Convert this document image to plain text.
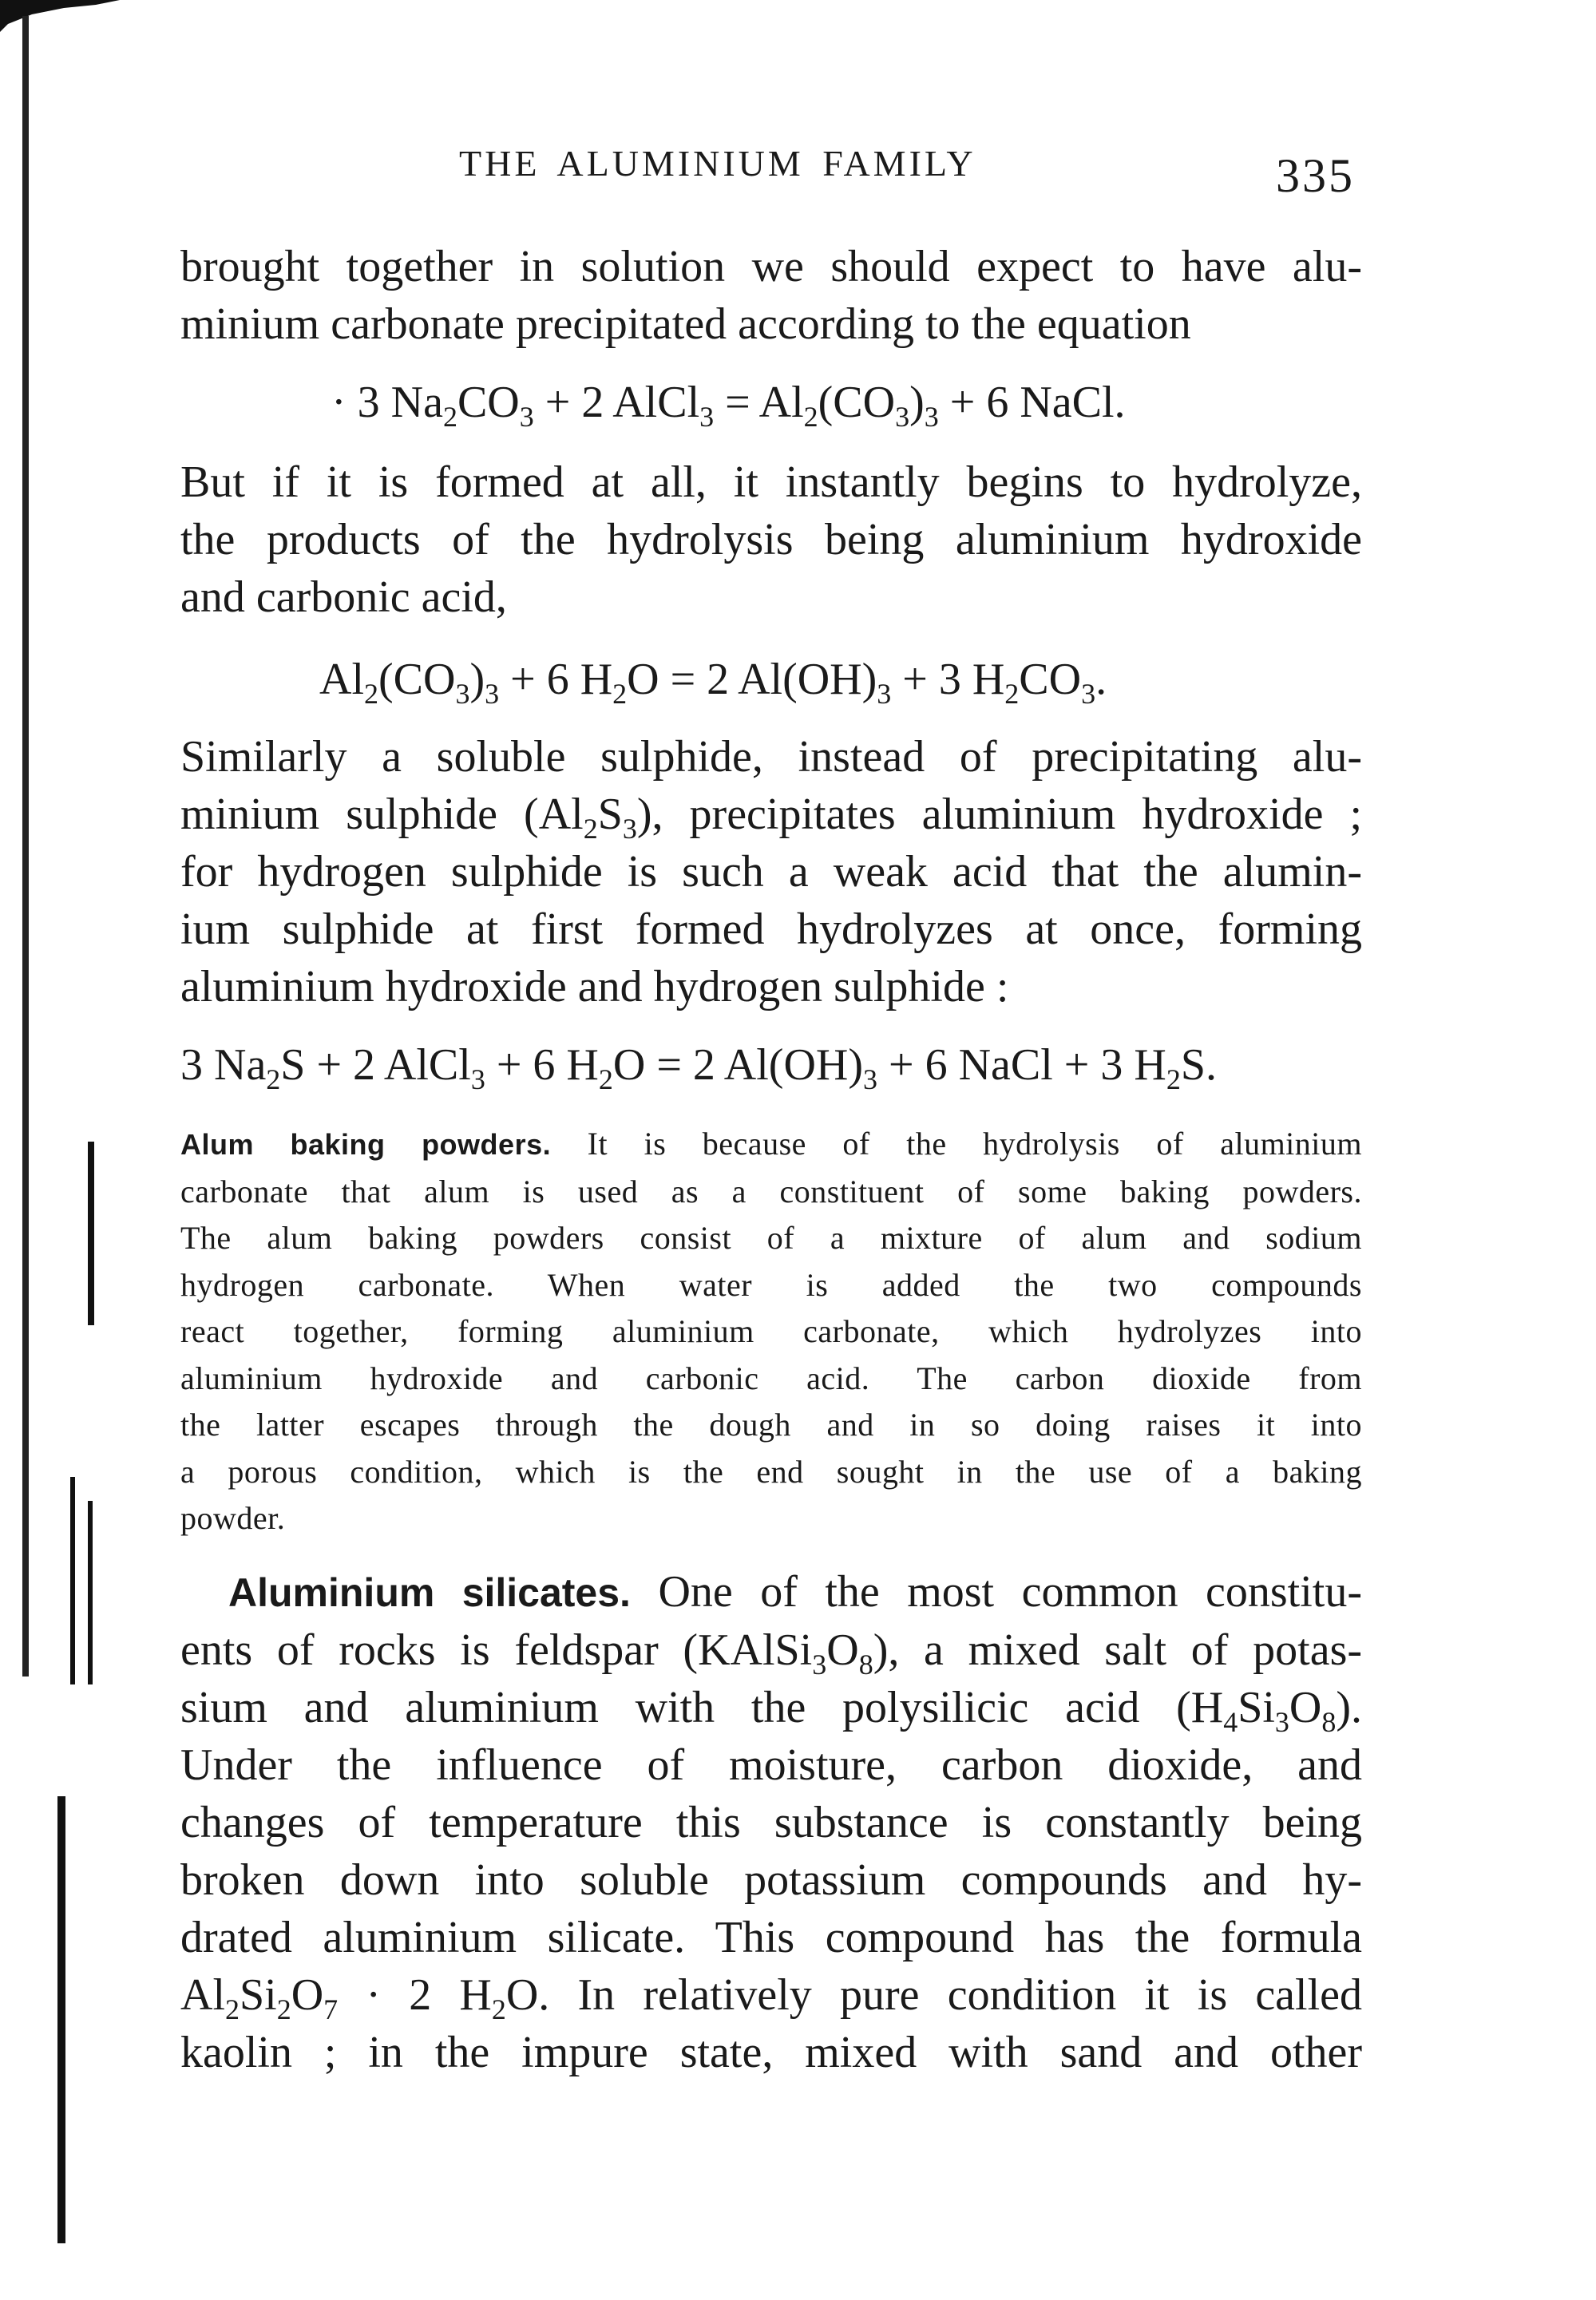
THE ALUMINIUM FAMILY	335
brought together in solution we should expect to have alu-
minium carbonate precipitated according to the equation
· 3 $Na_2CO_3 + 2$ AlCl$_3$ = $Al_2(CO_3)_3 + 6$ NaCl.
But if it is formed at all, it instantly begins to hydrolyze,
the products of the hydrolysis being aluminium hydroxide
and carbonic acid,
$Al_2(CO_3)_3 + 6$ $H_2O = 2$ $Al(OH)_3 + 3$ $H_2CO_3$.
Similarly a soluble sulphide, instead of precipitating alu-
minium sulphide $(Al_2S_3)$, precipitates aluminium hydroxide ;
for hydrogen sulphide is such a weak acid that the alumin-
ium sulphide at first formed hydrolyzes at once, forming
aluminium hydroxide and hydrogen sulphide :
3 $Na_2S + 2$ AlCl$_3$ + 6 $H_2O = 2$ $Al(OH)_3 + 6$ NaCl + 3 $H_2S$.
Alum baking powders. It is because of the hydrolysis of aluminium
carbonate that alum is used as a constituent of some baking powders.
The alum baking powders consist of a mixture of alum and sodium
hydrogen carbonate. When water is added the two compounds
react together, forming aluminium carbonate, which hydrolyzes into
aluminium hydroxide and carbonic acid. The carbon dioxide from
the latter escapes through the dough and in so doing raises it into
a porous condition, which is the end sought in the use of a baking
powder.
Aluminium silicates. One of the most common constitu-
ents of rocks is feldspar $(KAlSi_3O_8)$, a mixed salt of potas-
sium and aluminium with the polysilicic acid $(H_4Si_3O_8)$.
Under the influence of moisture, carbon dioxide, and
changes of temperature this substance is constantly being
broken down into soluble potassium compounds and hy-
drated aluminium silicate. This compound has the formula
$Al_2Si_2O_7 \cdot 2$ $H_2O$. In relatively pure condition it is called
kaolin ; in the impure state, mixed with sand and other
